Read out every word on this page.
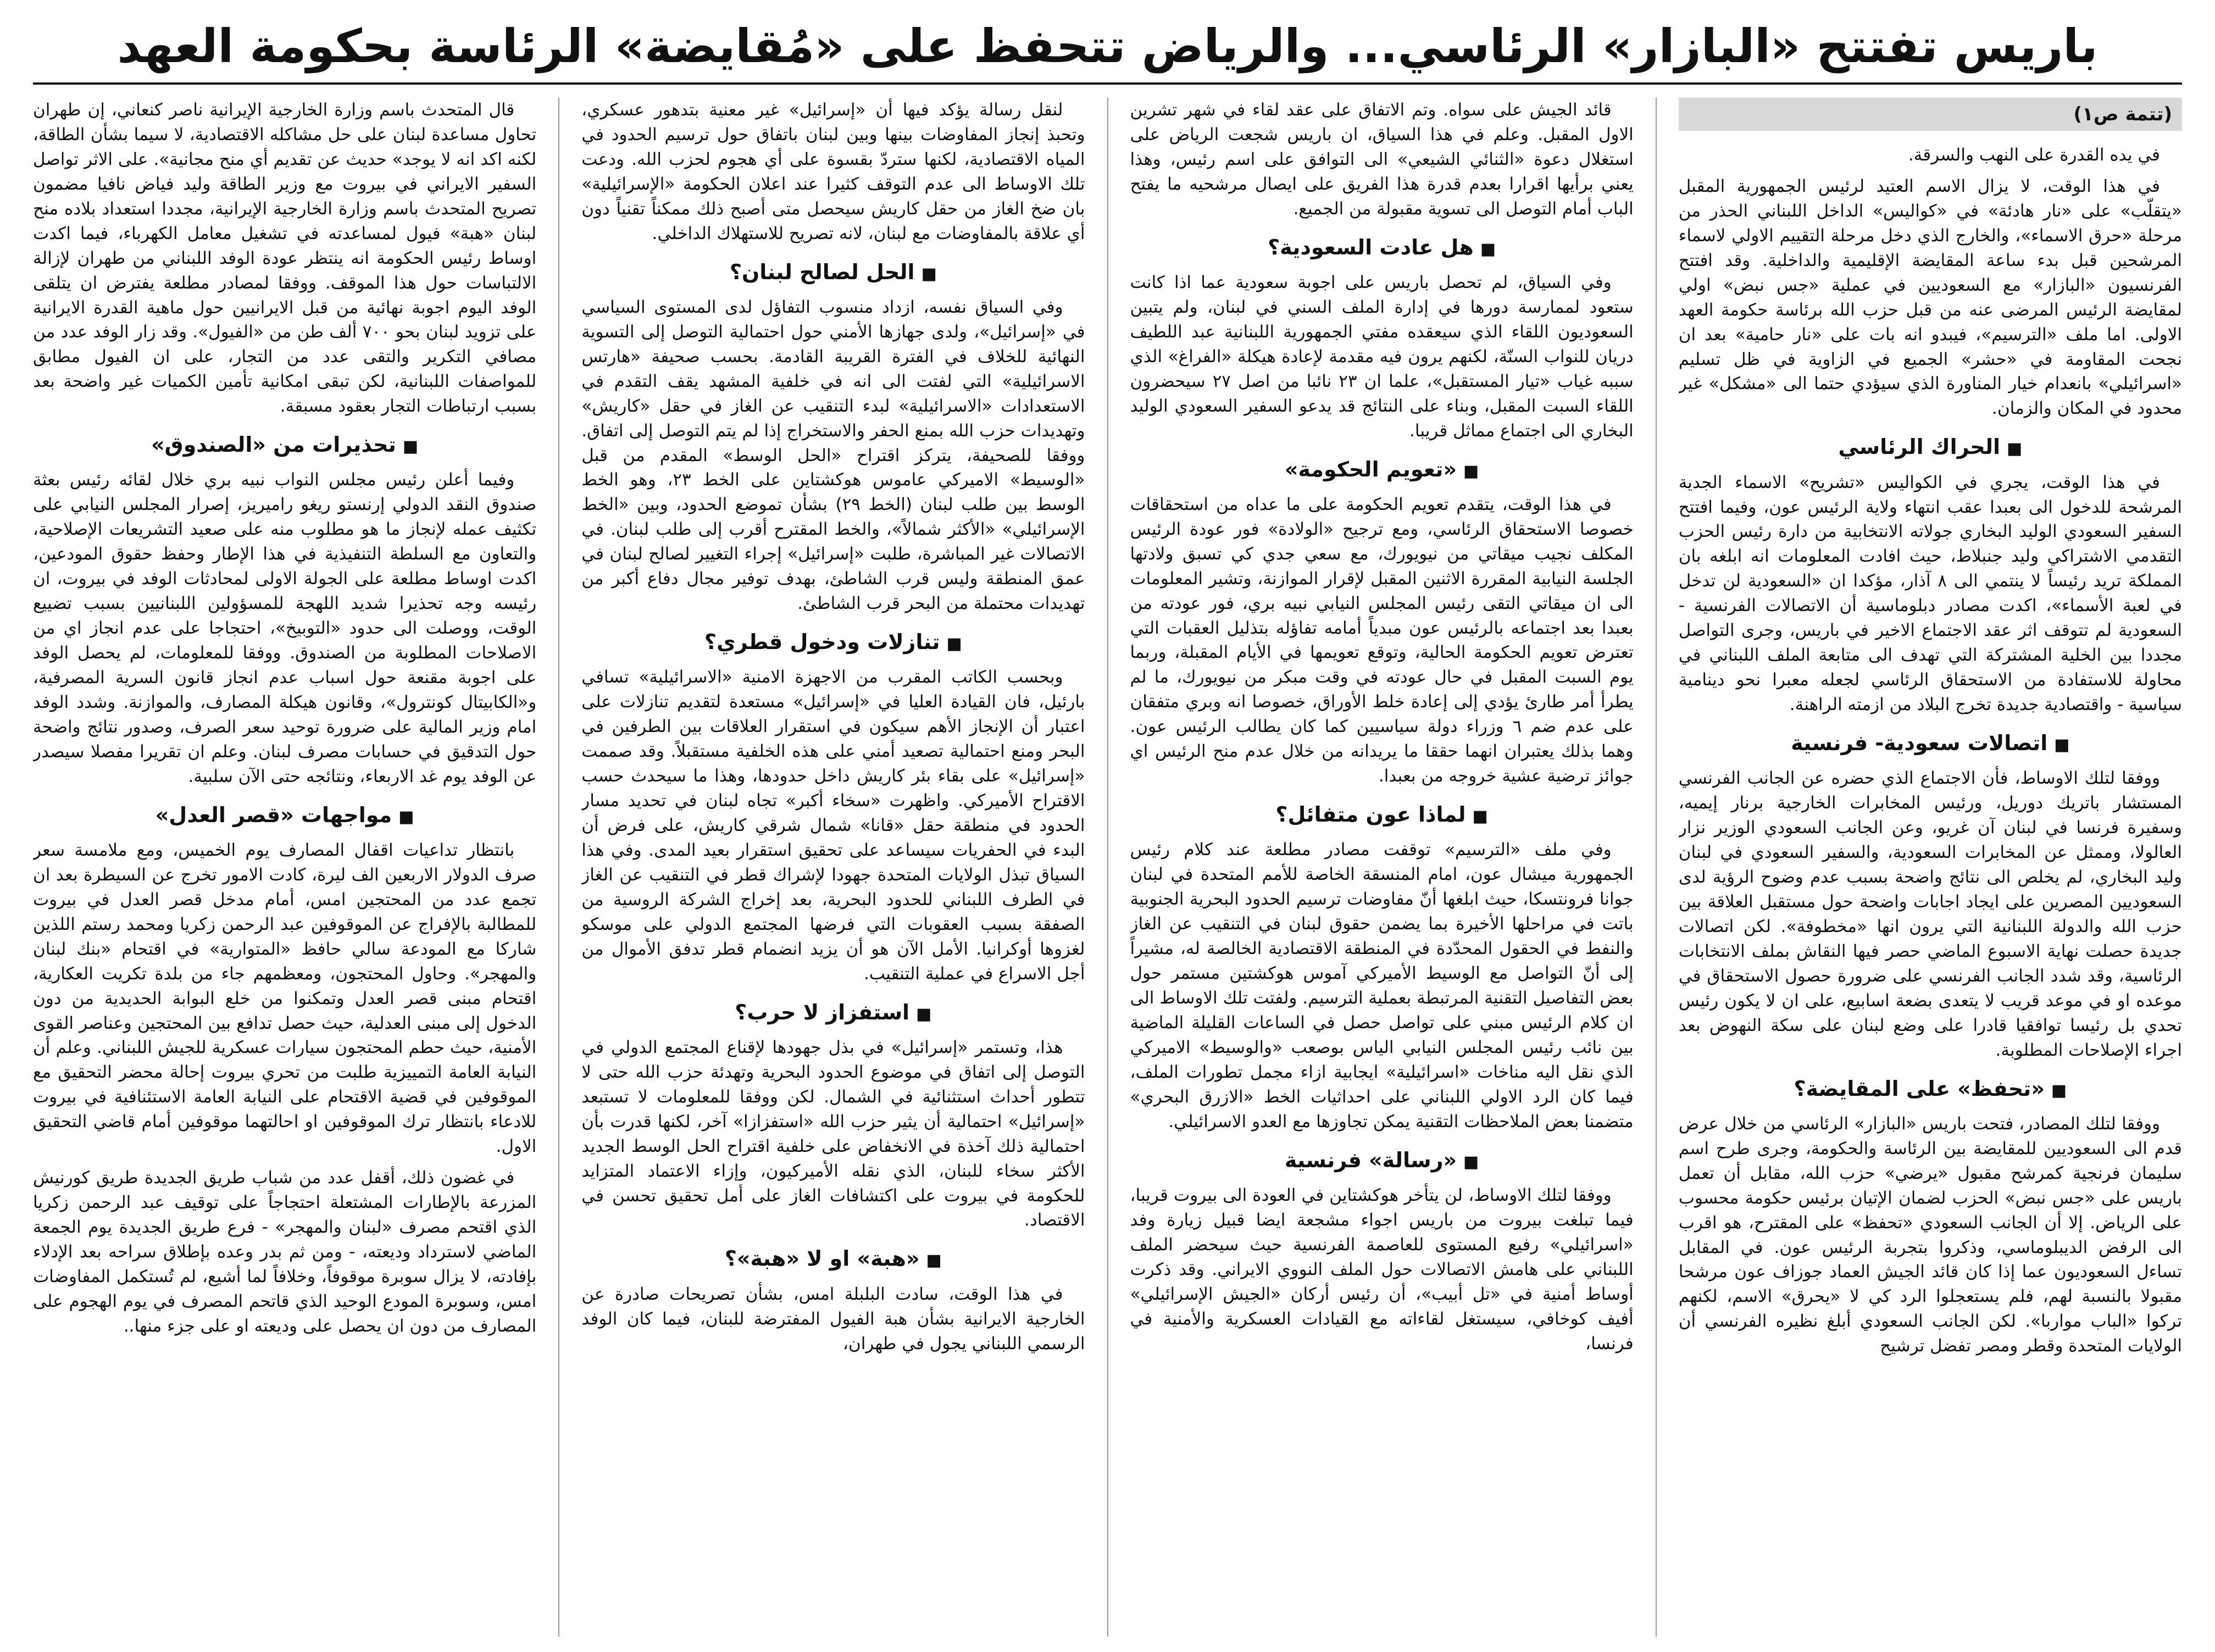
باريس تفتتح «البازار» الرئاسي... والرياض تتحفظ على «مُقايضة» الرئاسة بحكومة العهد
(تتمة ص١)

في يده القدرة على النهب والسرقة.

في هذا الوقت، لا يزال الاسم العتيد لرئيس الجمهورية المقبل «يتقلّب» على «نار هادئة» في «كواليس» الداخل اللبناني الحذر من مرحلة «حرق الاسماء»، والخارج الذي دخل مرحلة التقييم الاولي لاسماء المرشحين قبل بدء ساعة المقايضة الإقليمية والداخلية. وقد افتتح الفرنسيون «البازار» مع السعوديين في عملية «جس نبض» اولي لمقايضة الرئيس المرضى عنه من قبل حزب الله برئاسة حكومة العهد الاولى. اما ملف «الترسيم»، فيبدو انه بات على «نار حامية» بعد ان نجحت المقاومة في «حشر» الجميع في الزاوية في ظل تسليم «اسرائيلي» بانعدام خيار المناورة الذي سيؤدي حتما الى «مشكل» غير محدود في المكان والزمان.

■الحراك الرئاسي

في هذا الوقت، يجري في الكواليس «تشريح» الاسماء الجدية المرشحة للدخول الى بعبدا عقب انتهاء ولاية الرئيس عون، وفيما افتتح السفير السعودي الوليد البخاري جولاته الانتخابية من دارة رئيس الحزب التقدمي الاشتراكي وليد جنبلاط، حيث افادت المعلومات انه ابلغه بان المملكة تريد رئيساً لا ينتمي الى ٨ آذار، مؤكدا ان «السعودية لن تدخل في لعبة الأسماء»، اكدت مصادر دبلوماسية أن الاتصالات الفرنسية - السعودية لم تتوقف اثر عقد الاجتماع الاخير في باريس، وجرى التواصل مجددا بين الخلية المشتركة التي تهدف الى متابعة الملف اللبناني في محاولة للاستفادة من الاستحقاق الرئاسي لجعله معبرا نحو دينامية سياسية - واقتصادية جديدة تخرج البلاد من ازمته الراهنة.

■اتصالات سعودية- فرنسية

ووفقا لتلك الاوساط، فأن الاجتماع الذي حضره عن الجانب الفرنسي المستشار باتريك دوريل، ورئيس المخابرات الخارجية برنار إيميه، وسفيرة فرنسا في لبنان آن غريو، وعن الجانب السعودي الوزير نزار العالولا، وممثل عن المخابرات السعودية، والسفير السعودي في لبنان وليد البخاري، لم يخلص الى نتائج واضحة بسبب عدم وضوح الرؤية لدى السعوديين المصرين على ايجاد اجابات واضحة حول مستقبل العلاقة بين حزب الله والدولة اللبنانية التي يرون انها «مخطوفة». لكن اتصالات جديدة حصلت نهاية الاسبوع الماضي حصر فيها النقاش بملف الانتخابات الرئاسية، وقد شدد الجانب الفرنسي على ضرورة حصول الاستحقاق في موعده او في موعد قريب لا يتعدى بضعة اسابيع، على ان لا يكون رئيس تحدي بل رئيسا توافقيا قادرا على وضع لبنان على سكة النهوض بعد اجراء الإصلاحات المطلوبة.

■«تحفظ» على المقايضة؟

ووفقا لتلك المصادر، فتحت باريس «البازار» الرئاسي من خلال عرض قدم الى السعوديين للمقايضة بين الرئاسة والحكومة، وجرى طرح اسم سليمان فرنجية كمرشح مقبول «يرضي» حزب الله، مقابل أن تعمل باريس على «جس نبض» الحزب لضمان الإتيان برئيس حكومة محسوب على الرياض. إلا أن الجانب السعودي «تحفظ» على المقترح، هو اقرب الى الرفض الديبلوماسي، وذكروا بتجربة الرئيس عون. في المقابل تساءل السعوديون عما إذا كان قائد الجيش العماد جوزاف عون مرشحا مقبولا بالنسبة لهم، فلم يستعجلوا الرد كي لا «يحرق» الاسم، لكنهم تركوا «الباب مواربا». لكن الجانب السعودي أبلغ نظيره الفرنسي أن الولايات المتحدة وقطر ومصر تفضل ترشيح

قائد الجيش على سواه. وتم الاتفاق على عقد لقاء في شهر تشرين الاول المقبل. وعلم في هذا السياق، ان باريس شجعت الرياض على استغلال دعوة «الثنائي الشيعي» الى التوافق على اسم رئيس، وهذا يعني برأيها اقرارا بعدم قدرة هذا الفريق على ايصال مرشحيه ما يفتح الباب أمام التوصل الى تسوية مقبولة من الجميع.

■هل عادت السعودية؟

وفي السياق، لم تحصل باريس على اجوبة سعودية عما اذا كانت ستعود لممارسة دورها في إدارة الملف السني في لبنان، ولم يتبين السعوديون اللقاء الذي سيعقده مفتي الجمهورية اللبنانية عبد اللطيف دريان للنواب السنّة، لكنهم يرون فيه مقدمة لإعادة هيكلة «الفراغ» الذي سببه غياب «تيار المستقبل»، علما ان ٢٣ نائبا من اصل ٢٧ سيحضرون اللقاء السبت المقبل، وبناء على النتائج قد يدعو السفير السعودي الوليد البخاري الى اجتماع مماثل قريبا.

■«تعويم الحكومة»

في هذا الوقت، يتقدم تعويم الحكومة على ما عداه من استحقاقات خصوصا الاستحقاق الرئاسي، ومع ترجيح «الولادة» فور عودة الرئيس المكلف نجيب ميقاتي من نيويورك، مع سعي جدي كي تسبق ولادتها الجلسة النيابية المقررة الاثنين المقبل لإقرار الموازنة، وتشير المعلومات الى ان ميقاتي التقى رئيس المجلس النيابي نبيه بري، فور عودته من بعبدا بعد اجتماعه بالرئيس عون مبدياً أمامه تفاؤله بتذليل العقبات التي تعترض تعويم الحكومة الحالية، وتوقع تعويمها في الأيام المقبلة، وربما يوم السبت المقبل في حال عودته في وقت مبكر من نيويورك، ما لم يطرأ أمر طارئ يؤدي إلى إعادة خلط الأوراق، خصوصا انه وبري متفقان على عدم ضم ٦ وزراء دولة سياسيين كما كان يطالب الرئيس عون. وهما بذلك يعتبران انهما حققا ما يريدانه من خلال عدم منح الرئيس اي جوائز ترضية عشية خروجه من بعبدا.

■لماذا عون متفائل؟

وفي ملف «الترسيم» توقفت مصادر مطلعة عند كلام رئيس الجمهورية ميشال عون، امام المنسقة الخاصة للأمم المتحدة في لبنان جوانا فرونتسكا، حيث ابلغها أنّ مفاوضات ترسيم الحدود البحرية الجنوبية باتت في مراحلها الأخيرة بما يضمن حقوق لبنان في التنقيب عن الغاز والنفط في الحقول المحدّدة في المنطقة الاقتصادية الخالصة له، مشيراً إلى أنّ التواصل مع الوسيط الأميركي آموس هوكشتين مستمر حول بعض التفاصيل التقنية المرتبطة بعملية الترسيم. ولفتت تلك الاوساط الى ان كلام الرئيس مبني على تواصل حصل في الساعات القليلة الماضية بين نائب رئيس المجلس النيابي الياس بوصعب «والوسيط» الاميركي الذي نقل اليه مناخات «اسرائيلية» ايجابية ازاء مجمل تطورات الملف، فيما كان الرد الاولي اللبناني على احداثيات الخط «الازرق البحري» متضمنا بعض الملاحظات التقنية يمكن تجاوزها مع العدو الاسرائيلي.

■«رسالة» فرنسية

ووفقا لتلك الاوساط، لن يتأخر هوكشتاين في العودة الى بيروت قريبا، فيما تبلغت بيروت من باريس اجواء مشجعة ايضا قبيل زيارة وفد «اسرائيلي» رفيع المستوى للعاصمة الفرنسية حيث سيحضر الملف اللبناني على هامش الاتصالات حول الملف النووي الايراني. وقد ذكرت أوساط أمنية في «تل أبيب»، أن رئيس أركان «الجيش الإسرائيلي» أفيف كوخافي، سيستغل لقاءاته مع القيادات العسكرية والأمنية في فرنسا،

لنقل رسالة يؤكد فيها أن «إسرائيل» غير معنية بتدهور عسكري، وتحبذ إنجاز المفاوضات بينها وبين لبنان باتفاق حول ترسيم الحدود في المياه الاقتصادية، لكنها ستردّ بقسوة على أي هجوم لحزب الله. ودعت تلك الاوساط الى عدم التوقف كثيرا عند اعلان الحكومة «الإسرائيلية» بان ضخ الغاز من حقل كاريش سيحصل متى أصبح ذلك ممكناً تقنياً دون أي علاقة بالمفاوضات مع لبنان، لانه تصريح للاستهلاك الداخلي.

■الحل لصالح لبنان؟

وفي السياق نفسه، ازداد منسوب التفاؤل لدى المستوى السياسي في «إسرائيل»، ولدى جهازها الأمني حول احتمالية التوصل إلى التسوية النهائية للخلاف في الفترة القريبة القادمة. بحسب صحيفة «هارتس الاسرائيلية» التي لفتت الى انه في خلفية المشهد يقف التقدم في الاستعدادات «الاسرائيلية» لبدء التنقيب عن الغاز في حقل «كاريش» وتهديدات حزب الله بمنع الحفر والاستخراج إذا لم يتم التوصل إلى اتفاق. ووفقا للصحيفة، يتركز اقتراح «الحل الوسط» المقدم من قبل «الوسيط» الاميركي عاموس هوكشتاين على الخط ٢٣، وهو الخط الوسط بين طلب لبنان (الخط ٢٩) بشأن تموضع الحدود، وبين «الخط الإسرائيلي» «الأكثر شمالاً»، والخط المقترح أقرب إلى طلب لبنان. في الاتصالات غير المباشرة، طلبت «إسرائيل» إجراء التغيير لصالح لبنان في عمق المنطقة وليس قرب الشاطئ، بهدف توفير مجال دفاع أكبر من تهديدات محتملة من البحر قرب الشاطئ.

■تنازلات ودخول قطري؟

وبحسب الكاتب المقرب من الاجهزة الامنية «الاسرائيلية» تسافي بارئيل، فان القيادة العليا في «إسرائيل» مستعدة لتقديم تنازلات على اعتبار أن الإنجاز الأهم سيكون في استقرار العلاقات بين الطرفين في البحر ومنع احتمالية تصعيد أمني على هذه الخلفية مستقبلاً. وقد صممت «إسرائيل» على بقاء بئر كاريش داخل حدودها، وهذا ما سيحدث حسب الاقتراح الأميركي. واظهرت «سخاء أكبر» تجاه لبنان في تحديد مسار الحدود في منطقة حقل «قانا» شمال شرقي كاريش، على فرض أن البدء في الحفريات سيساعد على تحقيق استقرار بعيد المدى. وفي هذا السياق تبذل الولايات المتحدة جهودا لإشراك قطر في التنقيب عن الغاز في الطرف اللبناني للحدود البحرية، بعد إخراج الشركة الروسية من الصفقة بسبب العقوبات التي فرضها المجتمع الدولي على موسكو لغزوها أوكرانيا. الأمل الآن هو أن يزيد انضمام قطر تدفق الأموال من أجل الاسراع في عملية التنقيب.

■استفزاز لا حرب؟

هذا، وتستمر «إسرائيل» في بذل جهودها لإقناع المجتمع الدولي في التوصل إلى اتفاق في موضوع الحدود البحرية وتهدئة حزب الله حتى لا تتطور أحداث استثنائية في الشمال. لكن ووفقا للمعلومات لا تستبعد «إسرائيل» احتمالية أن يثير حزب الله «استفزازا» آخر، لكنها قدرت بأن احتمالية ذلك آخذة في الانخفاض على خلفية اقتراح الحل الوسط الجديد الأكثر سخاء للبنان، الذي نقله الأميركيون، وإزاء الاعتماد المتزايد للحكومة في بيروت على اكتشافات الغاز على أمل تحقيق تحسن في الاقتصاد.

■«هبة» او لا «هبة»؟

في هذا الوقت، سادت البلبلة امس، بشأن تصريحات صادرة عن الخارجية الايرانية بشأن هبة الفيول المفترضة للبنان، فيما كان الوفد الرسمي اللبناني يجول في طهران،

قال المتحدث باسم وزارة الخارجية الإيرانية ناصر كنعاني، إن طهران تحاول مساعدة لبنان على حل مشاكله الاقتصادية، لا سيما بشأن الطاقة، لكنه اكد انه لا يوجد» حديث عن تقديم أي منح مجانية». على الاثر تواصل السفير الايراني في بيروت مع وزير الطاقة وليد فياض نافيا مضمون تصريح المتحدث باسم وزارة الخارجية الإيرانية، مجددا استعداد بلاده منح لبنان «هبة» فيول لمساعدته في تشغيل معامل الكهرباء، فيما اكدت اوساط رئيس الحكومة انه ينتظر عودة الوفد اللبناني من طهران لإزالة الالتباسات حول هذا الموقف. ووفقا لمصادر مطلعة يفترض ان يتلقى الوفد اليوم اجوبة نهائية من قبل الايرانيين حول ماهية القدرة الايرانية على تزويد لبنان بحو ٧٠٠ ألف طن من «الفيول». وقد زار الوفد عدد من مصافي التكرير والتقى عدد من التجار، على ان الفيول مطابق للمواصفات اللبنانية، لكن تبقى امكانية تأمين الكميات غير واضحة بعد بسبب ارتباطات التجار بعقود مسبقة.

■تحذيرات من «الصندوق»

وفيما أعلن رئيس مجلس النواب نبيه بري خلال لقائه رئيس بعثة صندوق النقد الدولي إرنستو ريغو راميريز، إصرار المجلس النيابي على تكثيف عمله لإنجاز ما هو مطلوب منه على صعيد التشريعات الإصلاحية، والتعاون مع السلطة التنفيذية في هذا الإطار وحفظ حقوق المودعين، اكدت اوساط مطلعة على الجولة الاولى لمحادثات الوفد في بيروت، ان رئيسه وجه تحذيرا شديد اللهجة للمسؤولين اللبنانيين بسبب تضييع الوقت، ووصلت الى حدود «التوبيخ»، احتجاجا على عدم انجاز اي من الاصلاحات المطلوبة من الصندوق. ووفقا للمعلومات، لم يحصل الوفد على اجوبة مقنعة حول اسباب عدم انجاز قانون السرية المصرفية، و«الكابيتال كونترول»، وقانون هيكلة المصارف، والموازنة. وشدد الوفد امام وزير المالية على ضرورة توحيد سعر الصرف، وصدور نتائج واضحة حول التدقيق في حسابات مصرف لبنان. وعلم ان تقريرا مفصلا سيصدر عن الوفد يوم غد الاربعاء، ونتائجه حتى الآن سلبية.

■مواجهات «قصر العدل»

بانتظار تداعيات اقفال المصارف يوم الخميس، ومع ملامسة سعر صرف الدولار الاربعين الف ليرة، كادت الامور تخرج عن السيطرة بعد ان تجمع عدد من المحتجين امس، أمام مدخل قصر العدل في بيروت للمطالبة بالإفراج عن الموقوفين عبد الرحمن زكريا ومحمد رستم اللذين شاركا مع المودعة سالي حافظ «المتوارية» في اقتحام «بنك لبنان والمهجر». وحاول المحتجون، ومعظمهم جاء من بلدة تكريت العكارية، اقتحام مبنى قصر العدل وتمكنوا من خلع البوابة الحديدية من دون الدخول إلى مبنى العدلية، حيث حصل تدافع بين المحتجين وعناصر القوى الأمنية، حيث حطم المحتجون سيارات عسكرية للجيش اللبناني. وعلم أن النيابة العامة التمييزية طلبت من تحري بيروت إحالة محضر التحقيق مع الموقوفين في قضية الاقتحام على النيابة العامة الاستئنافية في بيروت للادعاء بانتظار ترك الموقوفين او احالتهما موقوفين أمام قاضي التحقيق الاول.

في غضون ذلك، أقفل عدد من شباب طريق الجديدة طريق كورنيش المزرعة بالإطارات المشتعلة احتجاجاً على توقيف عبد الرحمن زكريا الذي اقتحم مصرف «لبنان والمهجر» - فرع طريق الجديدة يوم الجمعة الماضي لاسترداد وديعته، - ومن ثم بدر وعده بإطلاق سراحه بعد الإدلاء بإفادته، لا يزال سوبرة موقوفاً، وخلافاً لما أشيع، لم تُستكمل المفاوضات امس، وسوبرة المودع الوحيد الذي قاتحم المصرف في يوم الهجوم على المصارف من دون ان يحصل على وديعته او على جزء منها..
